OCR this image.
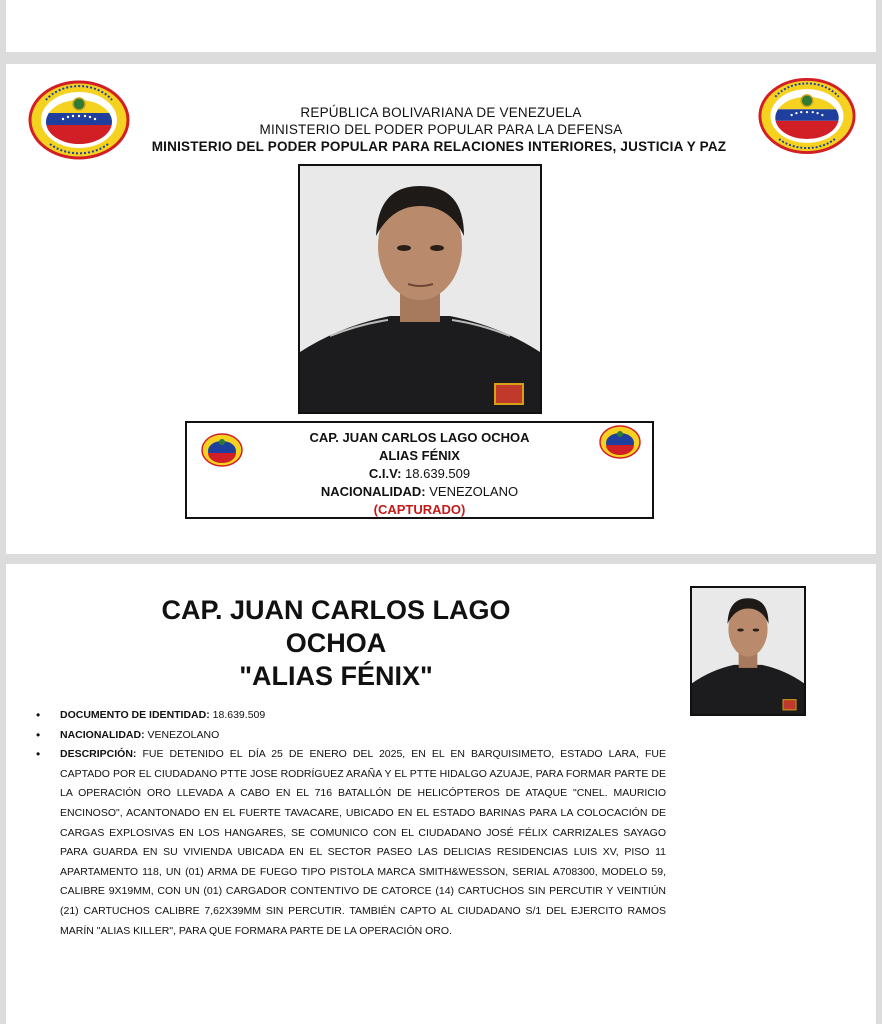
REPÚBLICA BOLIVARIANA DE VENEZUELA
MINISTERIO DEL PODER POPULAR PARA LA DEFENSA
MINISTERIO DEL PODER POPULAR PARA RELACIONES INTERIORES, JUSTICIA Y PAZ
CAP. JUAN CARLOS LAGO OCHOA
ALIAS FÉNIX
C.I.V: 18.639.509
NACIONALIDAD: VENEZOLANO
(CAPTURADO)
CAP. JUAN CARLOS LAGO
OCHOA
"ALIAS FÉNIX"
• DOCUMENTO DE IDENTIDAD: 18.639.509
• NACIONALIDAD: VENEZOLANO
• DESCRIPCIÓN: FUE DETENIDO EL DÍA 25 DE ENERO DEL 2025, EN EL EN BARQUISIMETO, ESTADO LARA, FUE CAPTADO POR EL CIUDADANO PTTE JOSE RODRÍGUEZ ARAÑA Y EL PTTE HIDALGO AZUAJE, PARA FORMAR PARTE DE LA OPERACIÓN ORO LLEVADA A CABO EN EL 716 BATALLÓN DE HELICÓPTEROS DE ATAQUE "CNEL. MAURICIO ENCINOSO", ACANTONADO EN EL FUERTE TAVACARE, UBICADO EN EL ESTADO BARINAS PARA LA COLOCACIÓN DE CARGAS EXPLOSIVAS EN LOS HANGARES, SE COMUNICO CON EL CIUDADANO JOSÉ FÉLIX CARRIZALES SAYAGO PARA GUARDA EN SU VIVIENDA UBICADA EN EL SECTOR PASEO LAS DELICIAS RESIDENCIAS LUIS XV, PISO 11 APARTAMENTO 118, UN (01) ARMA DE FUEGO TIPO PISTOLA MARCA SMITH&WESSON, SERIAL A708300, MODELO 59, CALIBRE 9X19MM, CON UN (01) CARGADOR CONTENTIVO DE CATORCE (14) CARTUCHOS SIN PERCUTIR Y VEINTIÚN (21) CARTUCHOS CALIBRE 7,62X39MM SIN PERCUTIR. TAMBIÉN CAPTO AL CIUDADANO S/1 DEL EJERCITO RAMOS MARÍN "ALIAS KILLER", PARA QUE FORMARA PARTE DE LA OPERACIÓN ORO.
